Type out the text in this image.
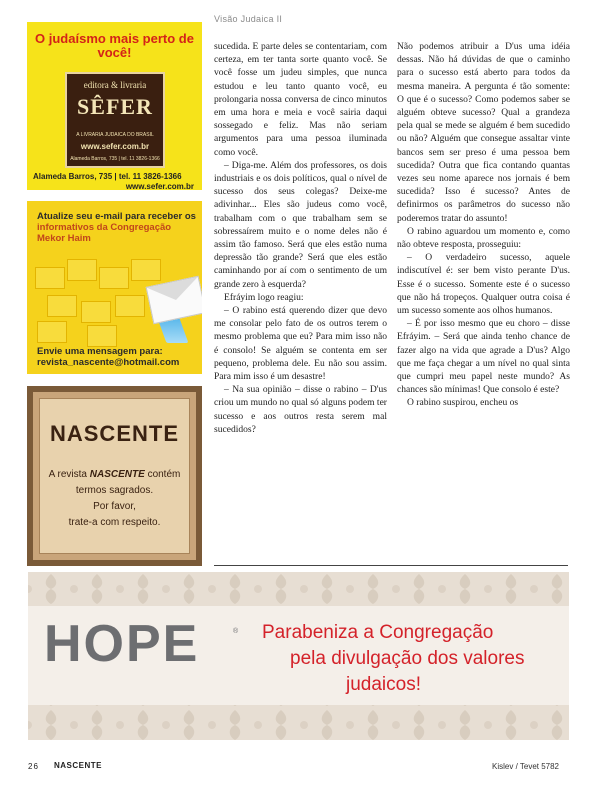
Visão Judaica II
O judaísmo mais perto de você!
editora & livraria
SÊFER
A LIVRARIA JUDAICA DO BRASIL
www.sefer.com.br
Alameda Barros, 735 | tel. 11 3826-1366
Alameda Barros, 735 | tel. 11 3826-1366
www.sefer.com.br
Atualize seu e-mail para receber os informativos da Congregação Mekor Haim
Envie uma mensagem para:
revista_nascente@hotmail.com
NASCENTE
A revista NASCENTE contém
termos sagrados.
Por favor,
trate-a com respeito.

sucedida. E parte deles se contentariam, com certeza, em ter tanta sorte quanto você. Se você fosse um judeu simples, que nunca estudou e leu tanto quanto você, eu prolongaria nossa conversa de cinco minutos em uma hora e meia e você sairia daqui sossegado e feliz. Mas não seriam argumentos para uma pessoa iluminada como você.

– Diga-me. Além dos professores, os dois industriais e os dois políticos, qual o nível de sucesso dos seus colegas? Deixe-me adivinhar... Eles são judeus como você, trabalham com o que trabalham sem se sobressaírem muito e o nome deles não é assim tão famoso. Será que eles estão numa depressão tão grande? Será que eles estão caminhando por aí com o sentimento de um grande zero à esquerda?

Efráyim logo reagiu:

– O rabino está querendo dizer que devo me consolar pelo fato de os outros terem o mesmo problema que eu? Para mim isso não é consolo! Se alguém se contenta em ser pequeno, problema dele. Eu não sou assim. Para mim isso é um desastre!

– Na sua opinião – disse o rabino – D'us criou um mundo no qual só alguns podem ter sucesso e aos outros resta serem mal sucedidos?

Não podemos atribuir a D'us uma idéia dessas. Não há dúvidas de que o caminho para o sucesso está aberto para todos da mesma maneira. A pergunta é tão somente: O que é o sucesso? Como podemos saber se alguém obteve sucesso? Qual a grandeza pela qual se mede se alguém é bem sucedido ou não? Alguém que consegue assaltar vinte bancos sem ser preso é uma pessoa bem sucedida? Outra que fica contando quantas vezes seu nome aparece nos jornais é bem sucedida? Isso é sucesso? Antes de definirmos os parâmetros do sucesso não poderemos tratar do assunto!

O rabino aguardou um momento e, como não obteve resposta, prosseguiu:

– O verdadeiro sucesso, aquele indiscutível é: ser bem visto perante D'us. Esse é o sucesso. Somente este é o sucesso que não há tropeços. Qualquer outra coisa é um sucesso somente aos olhos humanos.

– É por isso mesmo que eu choro – disse Efráyim. – Será que ainda tenho chance de fazer algo na vida que agrade a D'us? Algo que me faça chegar a um nível no qual sinta que cumpri meu papel neste mundo? As chances são mínimas! Que consolo é este?

O rabino suspirou, encheu os

HOPE	® Parabeniza a Congregação
pela divulgação dos valores
judaicos!
26 NASCENTE	Kislev / Tevet 5782
